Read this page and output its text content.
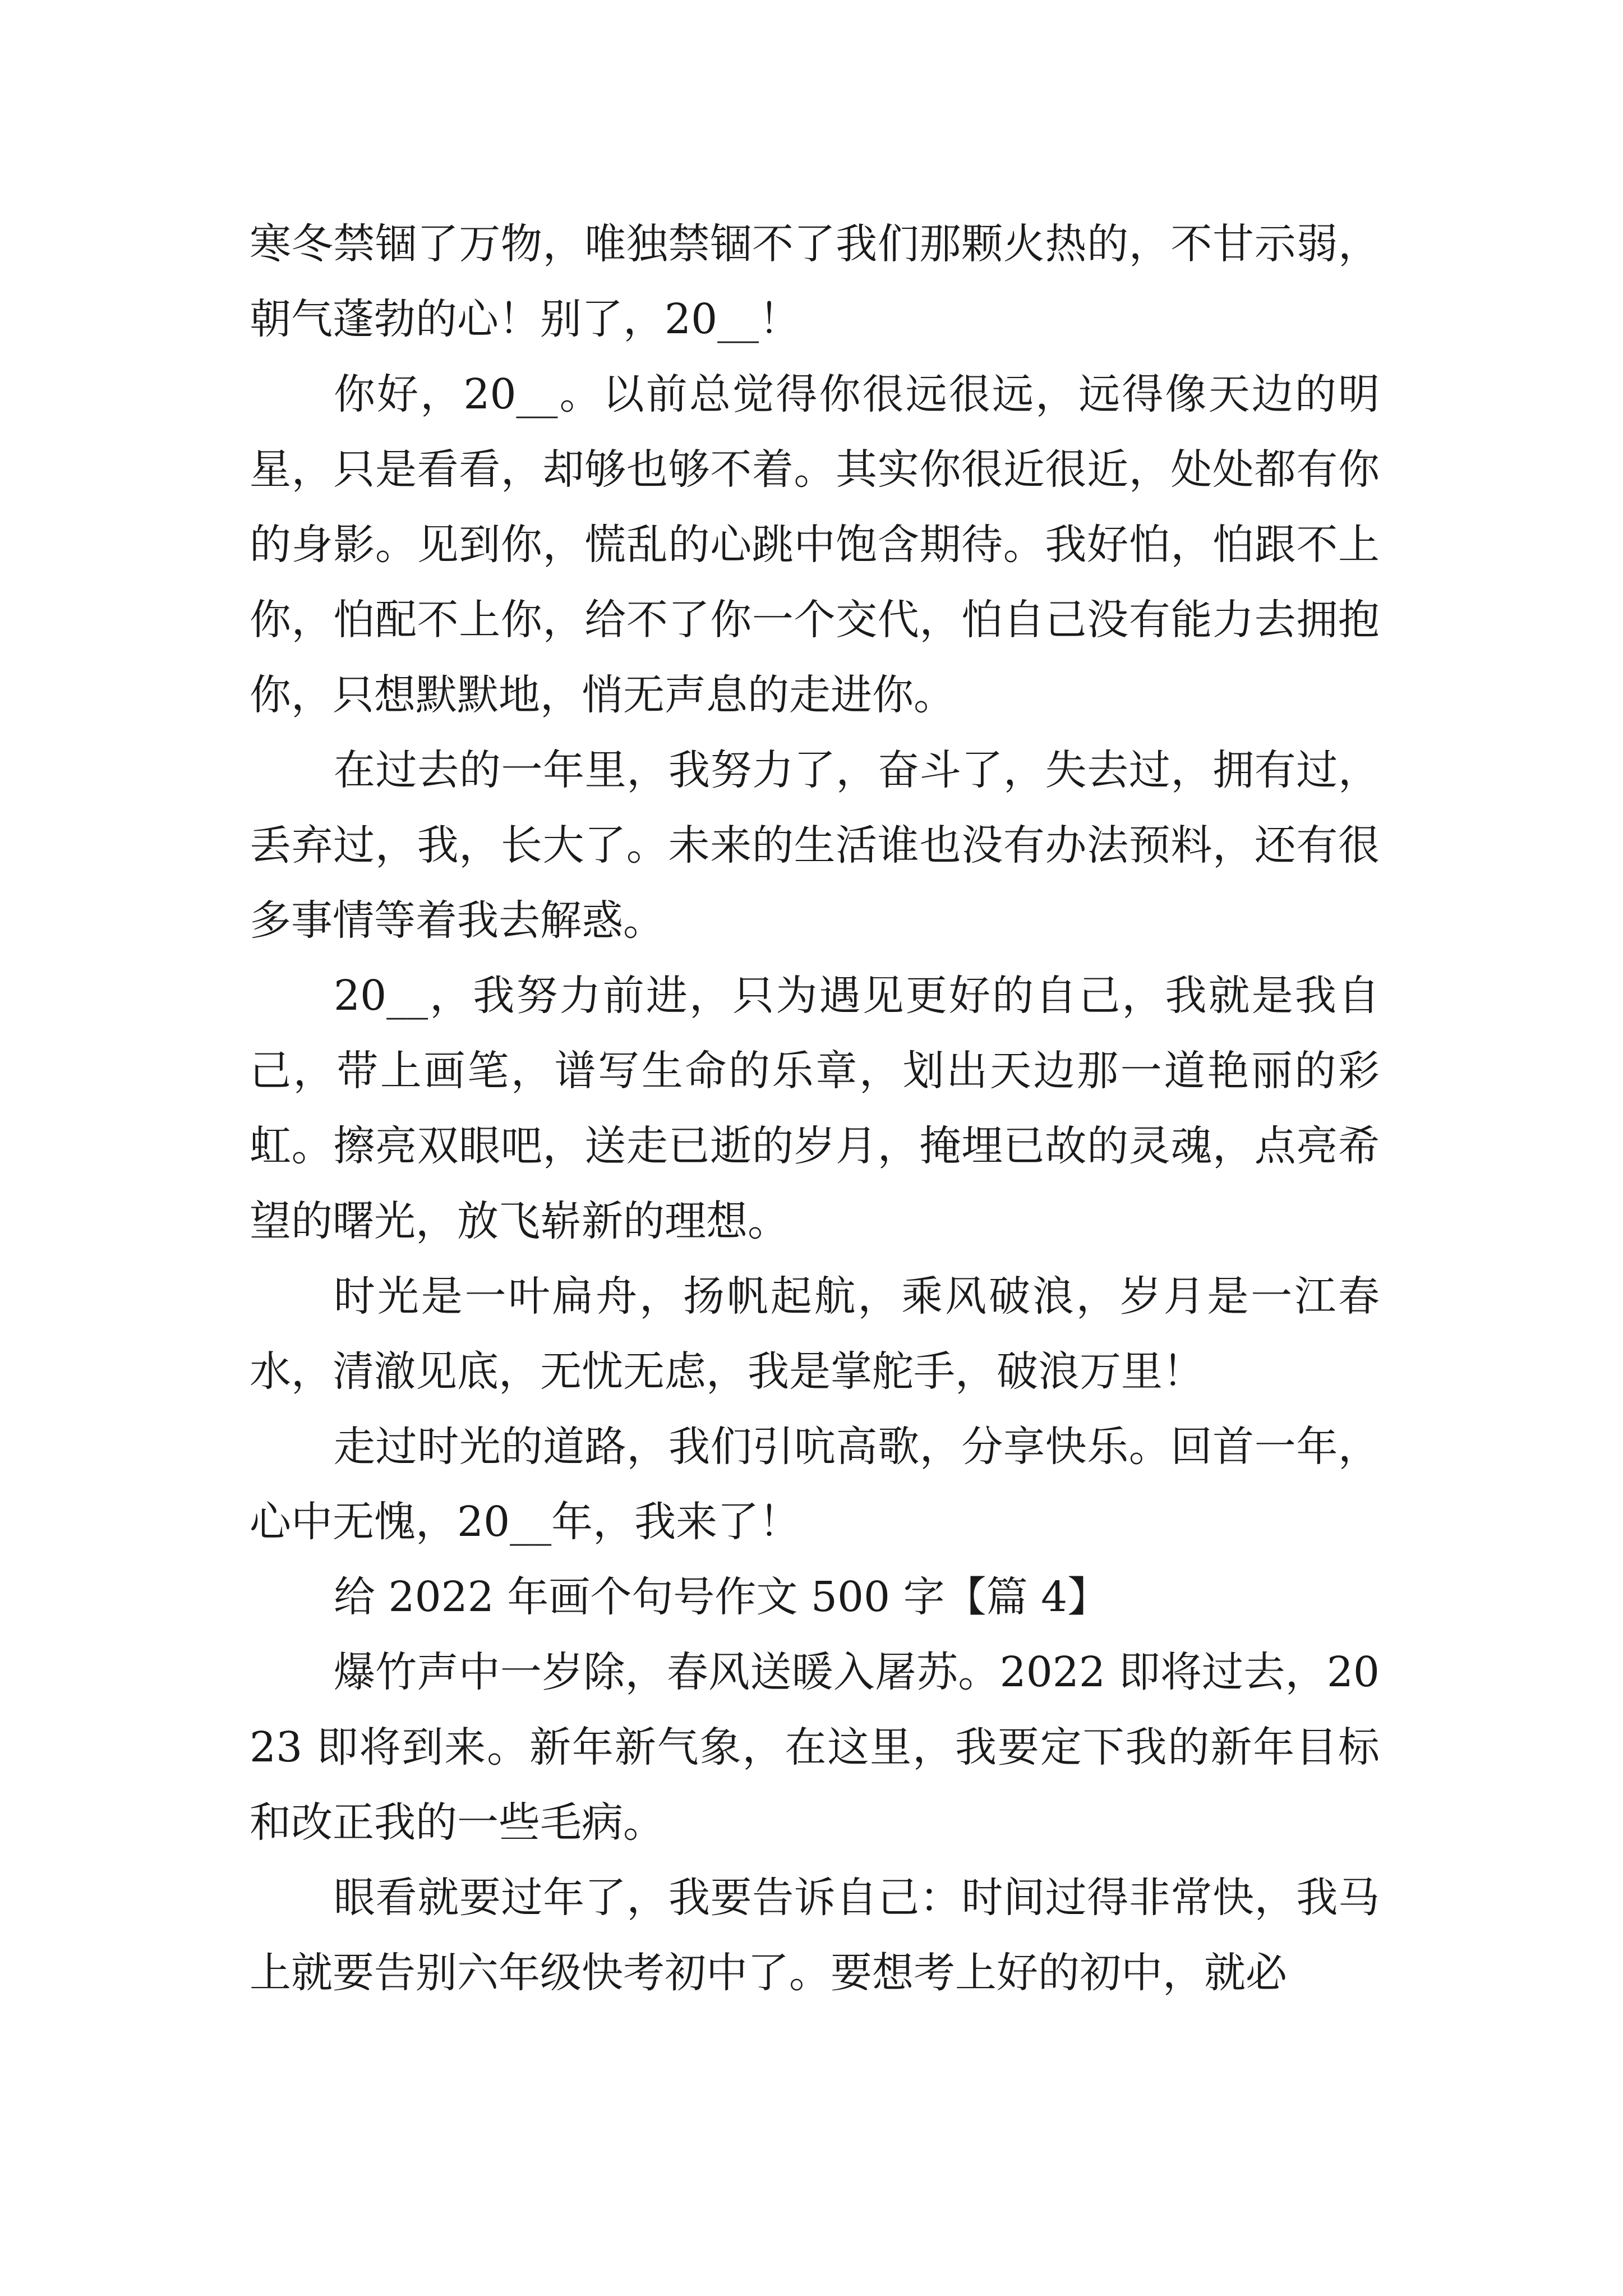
寒冬禁锢了万物，唯独禁锢不了我们那颗火热的，不甘示弱，朝气蓬勃的心！别了，20__！

你好，20__。以前总觉得你很远很远，远得像天边的明星，只是看看，却够也够不着。其实你很近很近，处处都有你的身影。见到你，慌乱的心跳中饱含期待。我好怕，怕跟不上你，怕配不上你，给不了你一个交代，怕自己没有能力去拥抱你，只想默默地，悄无声息的走进你。

在过去的一年里，我努力了，奋斗了，失去过，拥有过，丢弃过，我，长大了。未来的生活谁也没有办法预料，还有很多事情等着我去解惑。

20__，我努力前进，只为遇见更好的自己，我就是我自己，带上画笔，谱写生命的乐章，划出天边那一道艳丽的彩虹。擦亮双眼吧，送走已逝的岁月，掩埋已故的灵魂，点亮希望的曙光，放飞崭新的理想。

时光是一叶扁舟，扬帆起航，乘风破浪，岁月是一江春水，清澈见底，无忧无虑，我是掌舵手，破浪万里！

走过时光的道路，我们引吭高歌，分享快乐。回首一年，心中无愧，20__年，我来了！

给 2022 年画个句号作文 500 字【篇 4】

爆竹声中一岁除，春风送暖入屠苏。2022 即将过去，2023 即将到来。新年新气象，在这里，我要定下我的新年目标和改正我的一些毛病。

眼看就要过年了，我要告诉自己：时间过得非常快，我马上就要告别六年级快考初中了。要想考上好的初中，就必
